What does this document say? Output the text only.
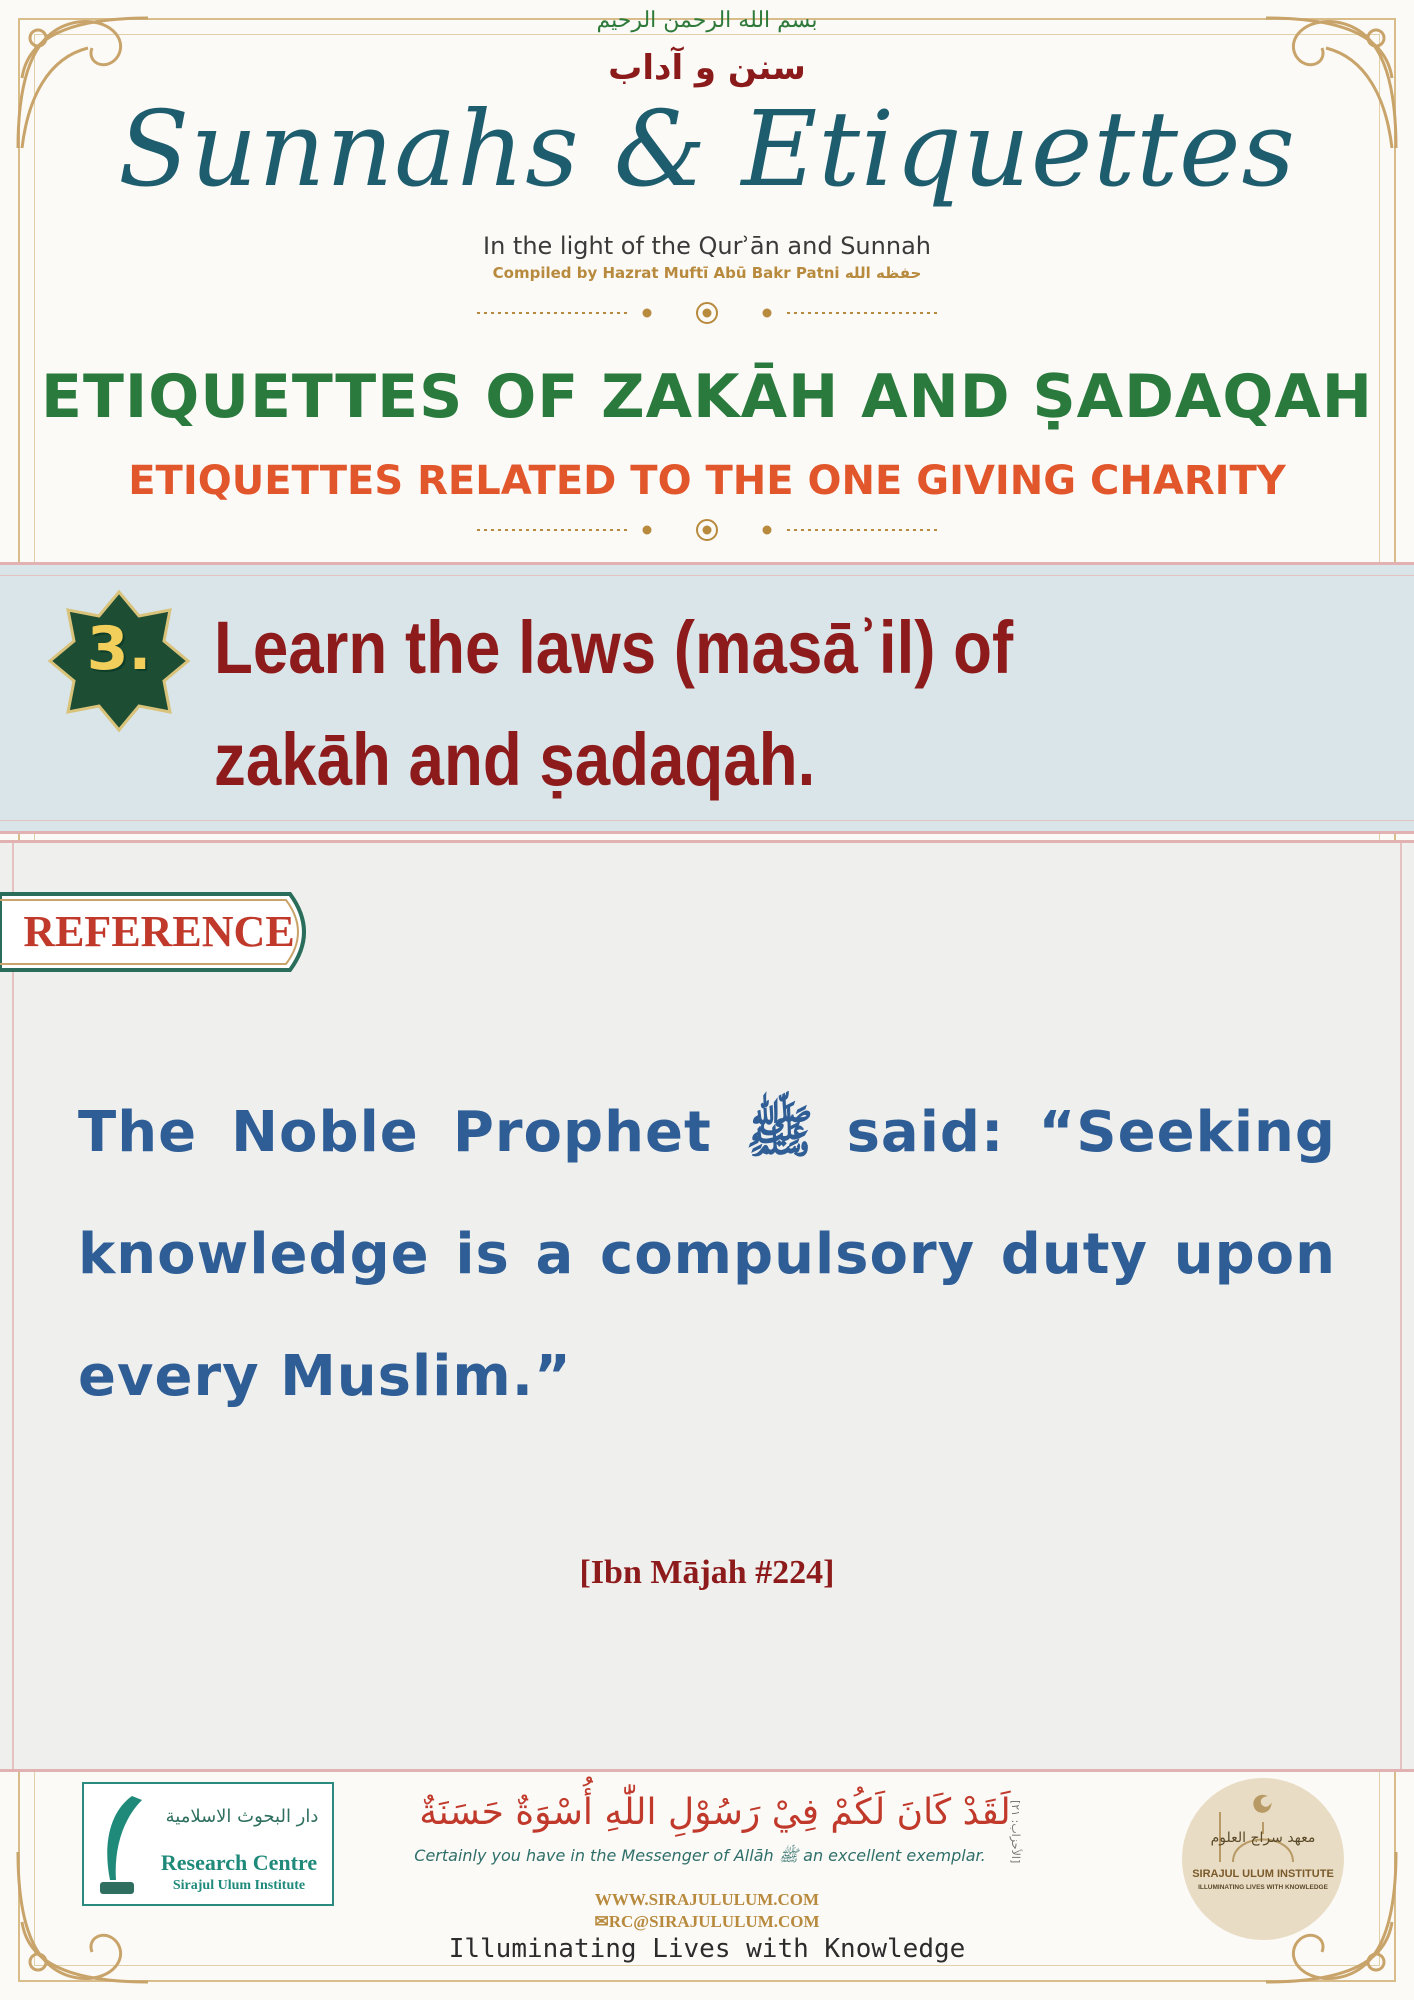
بسم الله الرحمن الرحيم
سنن و آداب
Sunnahs & Etiquettes
In the light of the Qurʾān and Sunnah
Compiled by Hazrat Muftī Abū Bakr Patni حفظه الله
ETIQUETTES OF ZAKĀH AND ṢADAQAH
ETIQUETTES RELATED TO THE ONE GIVING CHARITY
3. Learn the laws (masāʾil) of zakāh and ṣadaqah.
REFERENCE
The Noble Prophet ﷺ said: “Seeking knowledge is a compulsory duty upon every Muslim.”
[Ibn Mājah #224]
دار البحوث الاسلامية
Research Centre
Sirajul Ulum Institute
لَقَدْ كَانَ لَكُمْ فِيْ رَسُوْلِ اللّٰهِ أُسْوَةٌ حَسَنَةٌ
[الأحزاب: ٢١]
Certainly you have in the Messenger of Allāh ﷺ an excellent exemplar.
WWW.SIRAJULULUM.COM
✉RC@SIRAJULULUM.COM
Illuminating Lives with Knowledge
معهد سراج العلوم
SIRAJUL ULUM INSTITUTE
ILLUMINATING LIVES WITH KNOWLEDGE
